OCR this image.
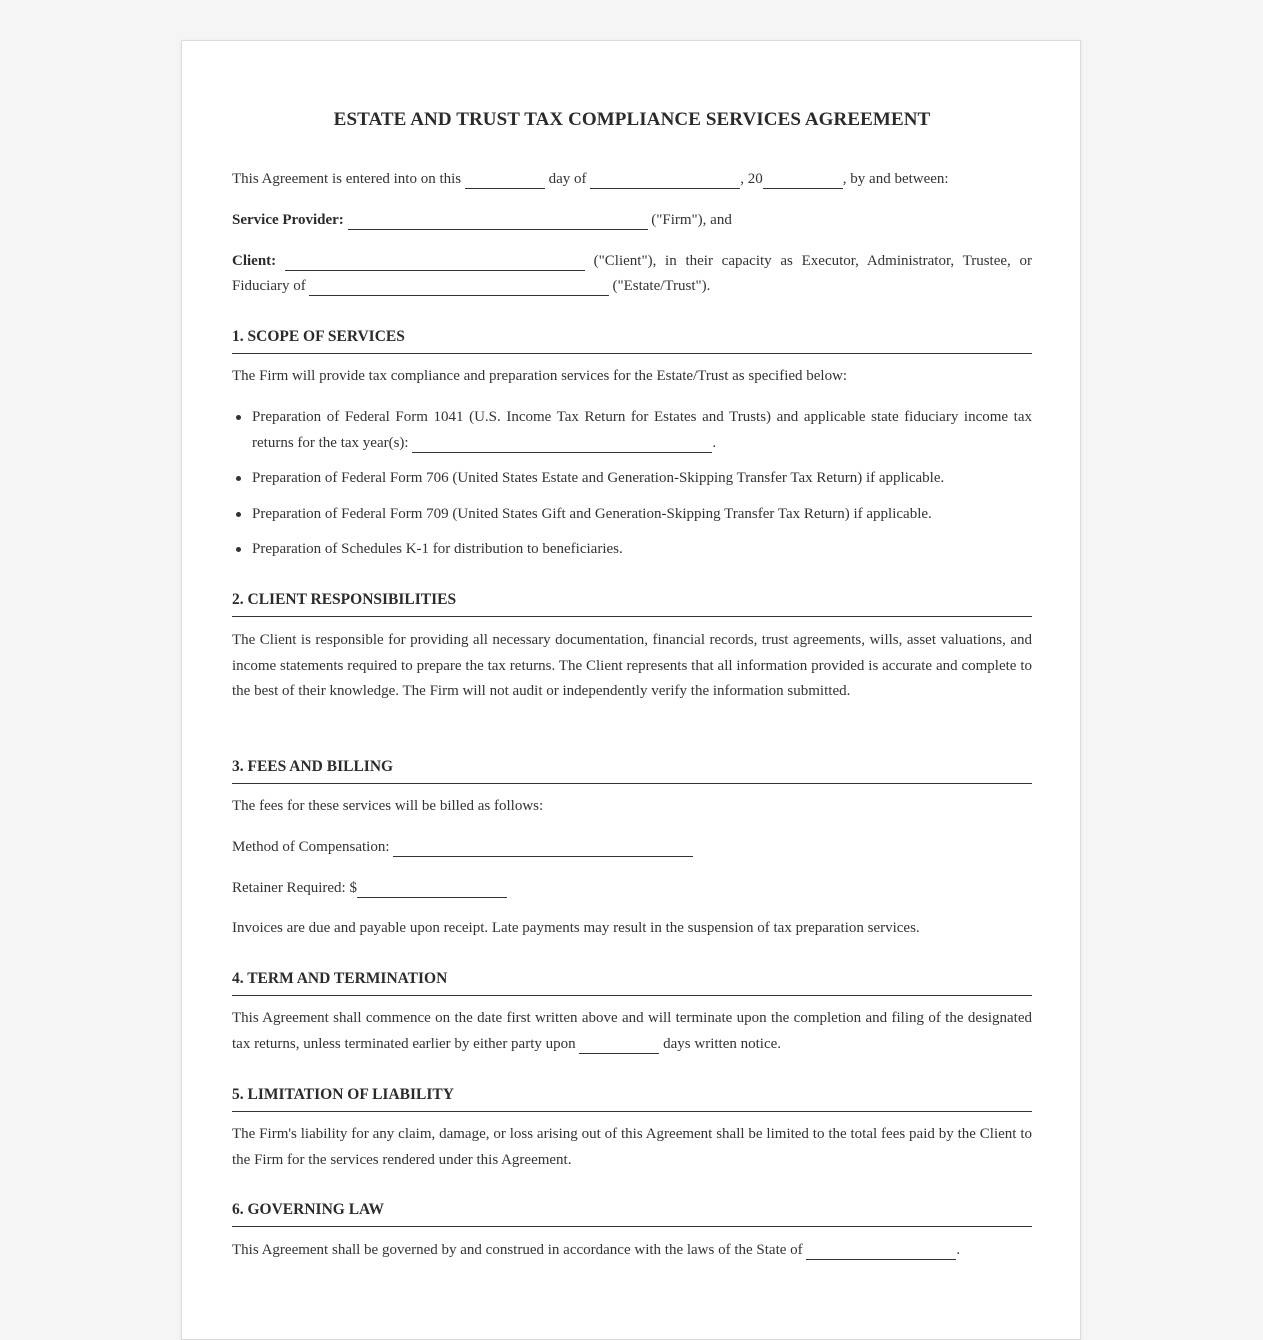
ESTATE AND TRUST TAX COMPLIANCE SERVICES AGREEMENT
This Agreement is entered into on this	day of	, 20	, by and between:
Service Provider:	("Firm"), and
Client:	("Client"), in their capacity as Executor, Administrator, Trustee, or
Fiduciary of	("Estate/Trust").
1. SCOPE OF SERVICES
The Firm will provide tax compliance and preparation services for the Estate/Trust as specified below:
Preparation of Federal Form 1041 (U.S. Income Tax Return for Estates and Trusts) and applicable state fiduciary income tax returns for the tax year(s):	.
Preparation of Federal Form 706 (United States Estate and Generation-Skipping Transfer Tax Return) if applicable.
Preparation of Federal Form 709 (United States Gift and Generation-Skipping Transfer Tax Return) if applicable.
Preparation of Schedules K-1 for distribution to beneficiaries.
2. CLIENT RESPONSIBILITIES
The Client is responsible for providing all necessary documentation, financial records, trust agreements, wills, asset valuations, and income statements required to prepare the tax returns. The Client represents that all information provided is accurate and complete to the best of their knowledge. The Firm will not audit or independently verify the information submitted.
3. FEES AND BILLING
The fees for these services will be billed as follows:
Method of Compensation:
Retainer Required: $
Invoices are due and payable upon receipt. Late payments may result in the suspension of tax preparation services.
4. TERM AND TERMINATION
This Agreement shall commence on the date first written above and will terminate upon the completion and filing of the designated tax returns, unless terminated earlier by either party upon	days written notice.
5. LIMITATION OF LIABILITY
The Firm's liability for any claim, damage, or loss arising out of this Agreement shall be limited to the total fees paid by the Client to the Firm for the services rendered under this Agreement.
6. GOVERNING LAW
This Agreement shall be governed by and construed in accordance with the laws of the State of	.
